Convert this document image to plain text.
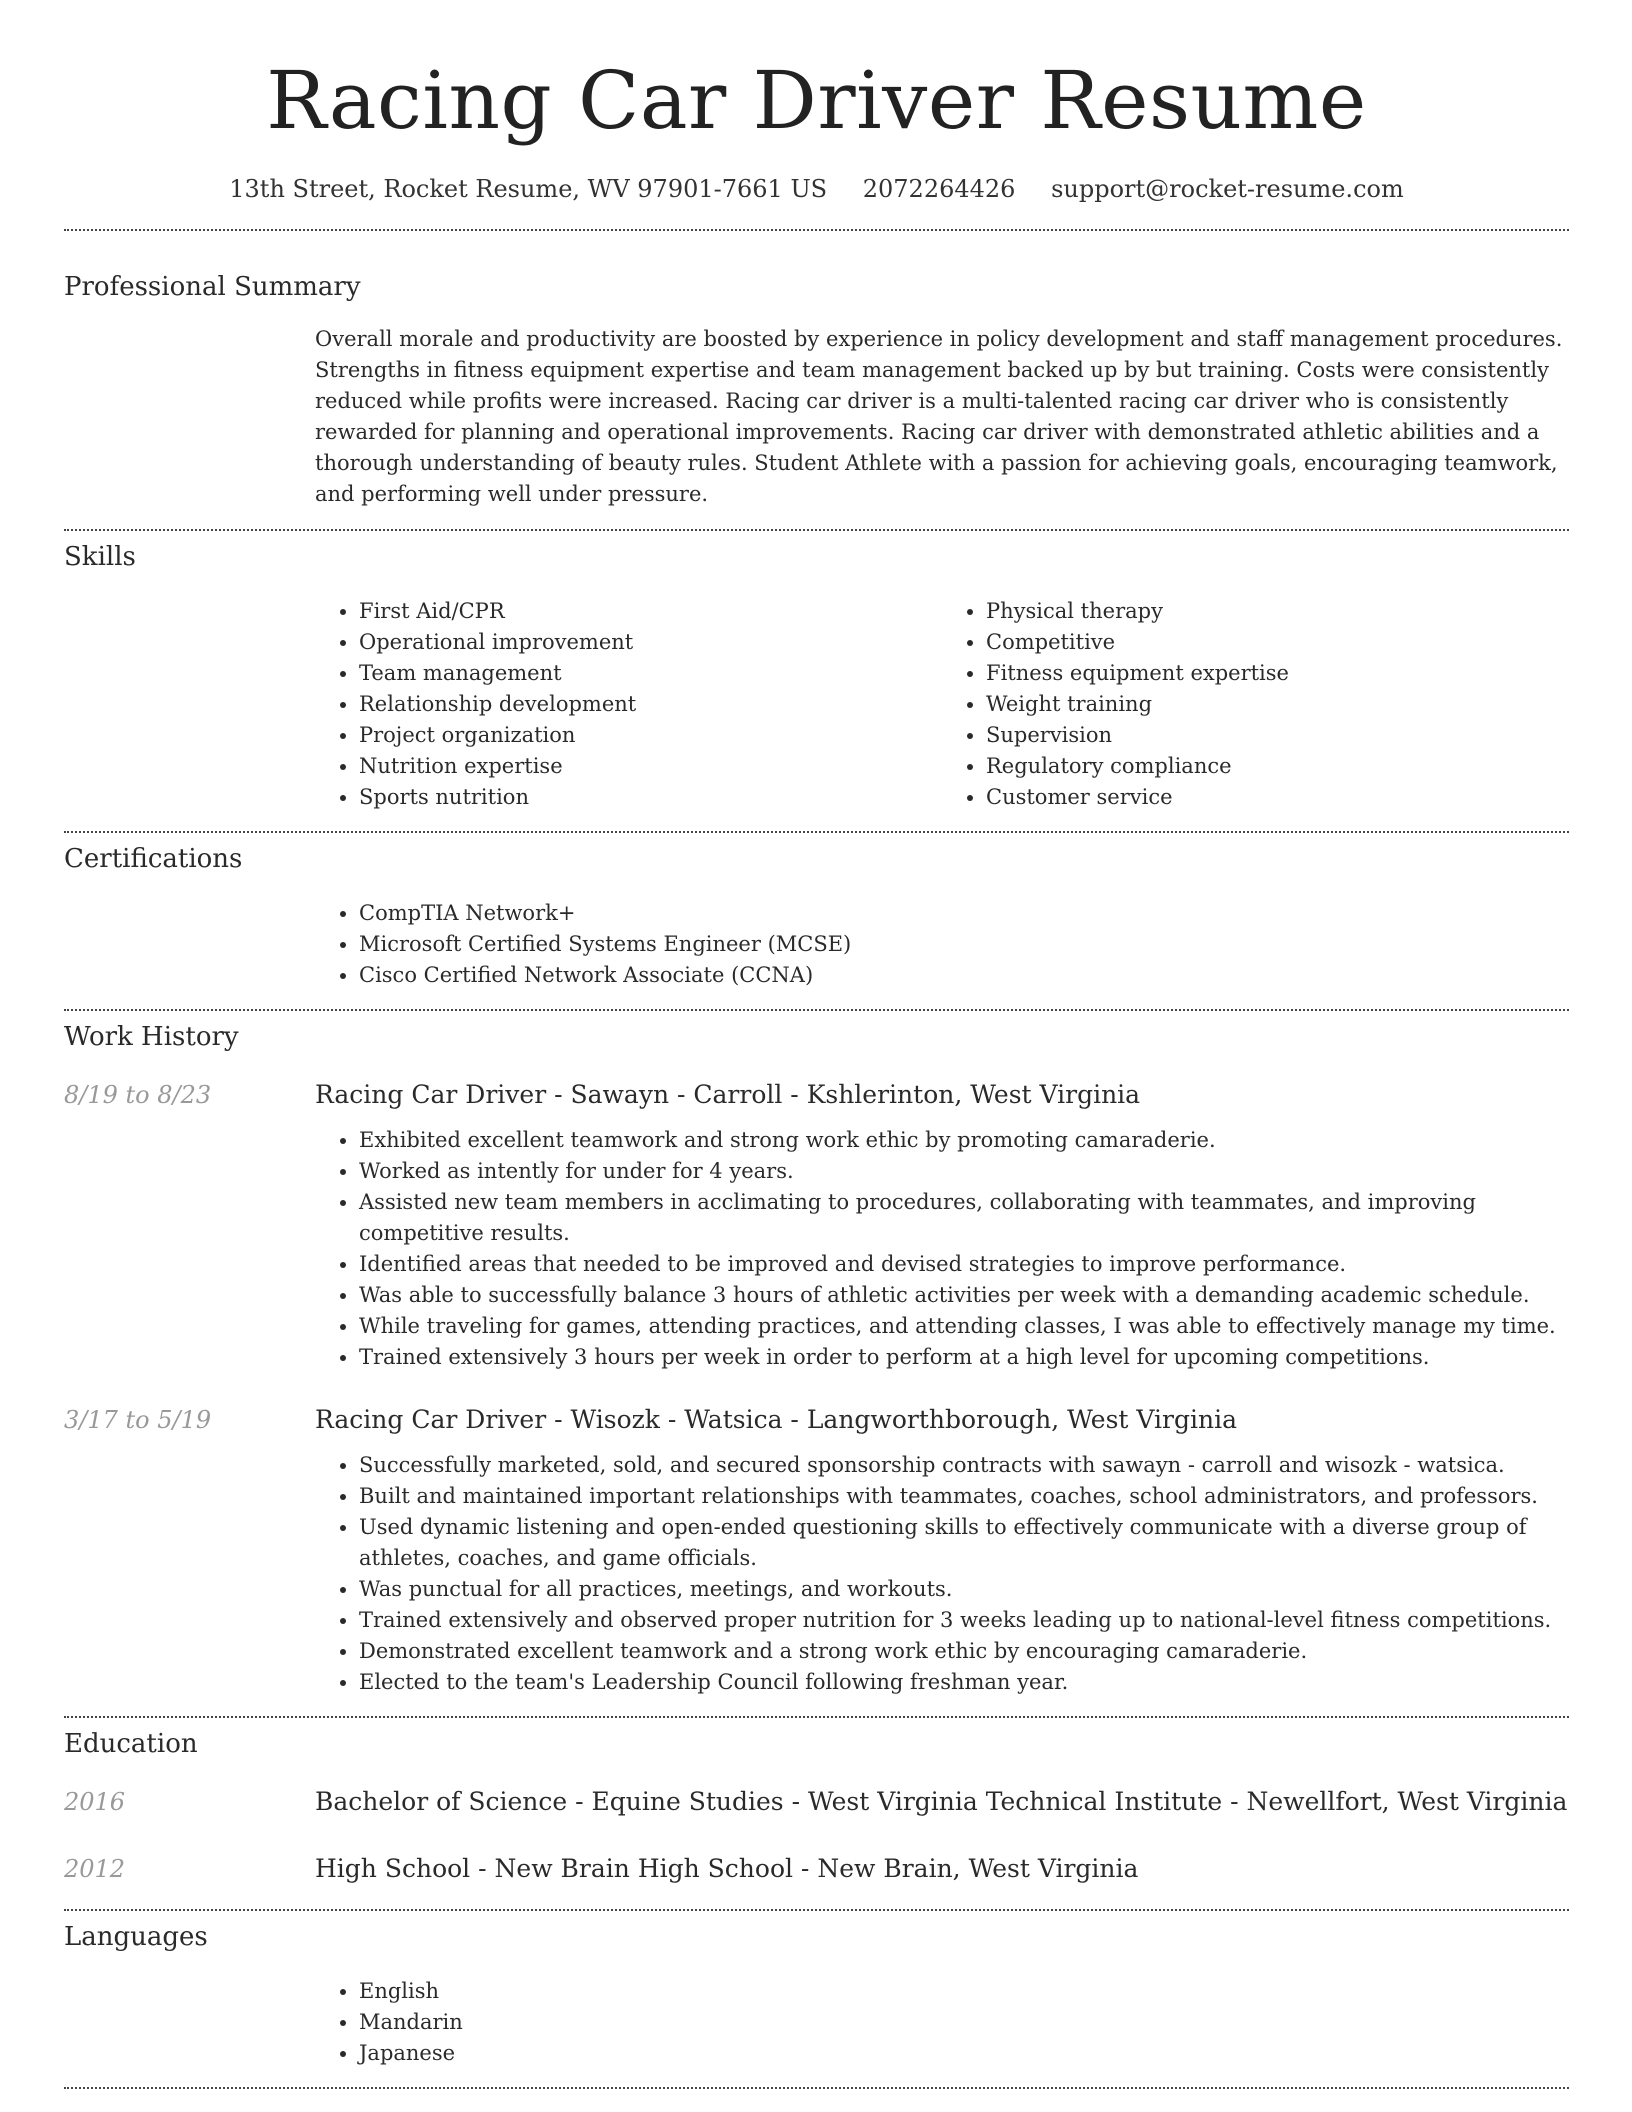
Racing Car Driver Resume
13th Street, Rocket Resume, WV 97901-7661 US 2072264426 support@rocket-resume.com
Professional Summary

Overall morale and productivity are boosted by experience in policy development and staff management procedures. Strengths in fitness equipment expertise and team management backed up by but training. Costs were consistently reduced while profits were increased. Racing car driver is a multi-talented racing car driver who is consistently rewarded for planning and operational improvements. Racing car driver with demonstrated athletic abilities and a thorough understanding of beauty rules. Student Athlete with a passion for achieving goals, encouraging teamwork, and performing well under pressure.

Skills
• First Aid/CPR
• Operational improvement
• Team management
• Relationship development
• Project organization
• Nutrition expertise
• Sports nutrition
• Physical therapy
• Competitive
• Fitness equipment expertise
• Weight training
• Supervision
• Regulatory compliance
• Customer service
Certifications
• CompTIA Network+
• Microsoft Certified Systems Engineer (MCSE)
• Cisco Certified Network Associate (CCNA)
Work History
8/19 to 8/23	Racing Car Driver - Sawayn - Carroll - Kshlerinton, West Virginia
• Exhibited excellent teamwork and strong work ethic by promoting camaraderie.
• Worked as intently for under for 4 years.
• Assisted new team members in acclimating to procedures, collaborating with teammates, and improving competitive results.
• Identified areas that needed to be improved and devised strategies to improve performance.
• Was able to successfully balance 3 hours of athletic activities per week with a demanding academic schedule.
• While traveling for games, attending practices, and attending classes, I was able to effectively manage my time.
• Trained extensively 3 hours per week in order to perform at a high level for upcoming competitions.
3/17 to 5/19	Racing Car Driver - Wisozk - Watsica - Langworthborough, West Virginia
• Successfully marketed, sold, and secured sponsorship contracts with sawayn - carroll and wisozk - watsica.
• Built and maintained important relationships with teammates, coaches, school administrators, and professors.
• Used dynamic listening and open-ended questioning skills to effectively communicate with a diverse group of athletes, coaches, and game officials.
• Was punctual for all practices, meetings, and workouts.
• Trained extensively and observed proper nutrition for 3 weeks leading up to national-level fitness competitions.
• Demonstrated excellent teamwork and a strong work ethic by encouraging camaraderie.
• Elected to the team's Leadership Council following freshman year.
Education
2016	Bachelor of Science - Equine Studies - West Virginia Technical Institute - Newellfort, West Virginia
2012	High School - New Brain High School - New Brain, West Virginia
Languages
• English
• Mandarin
• Japanese
